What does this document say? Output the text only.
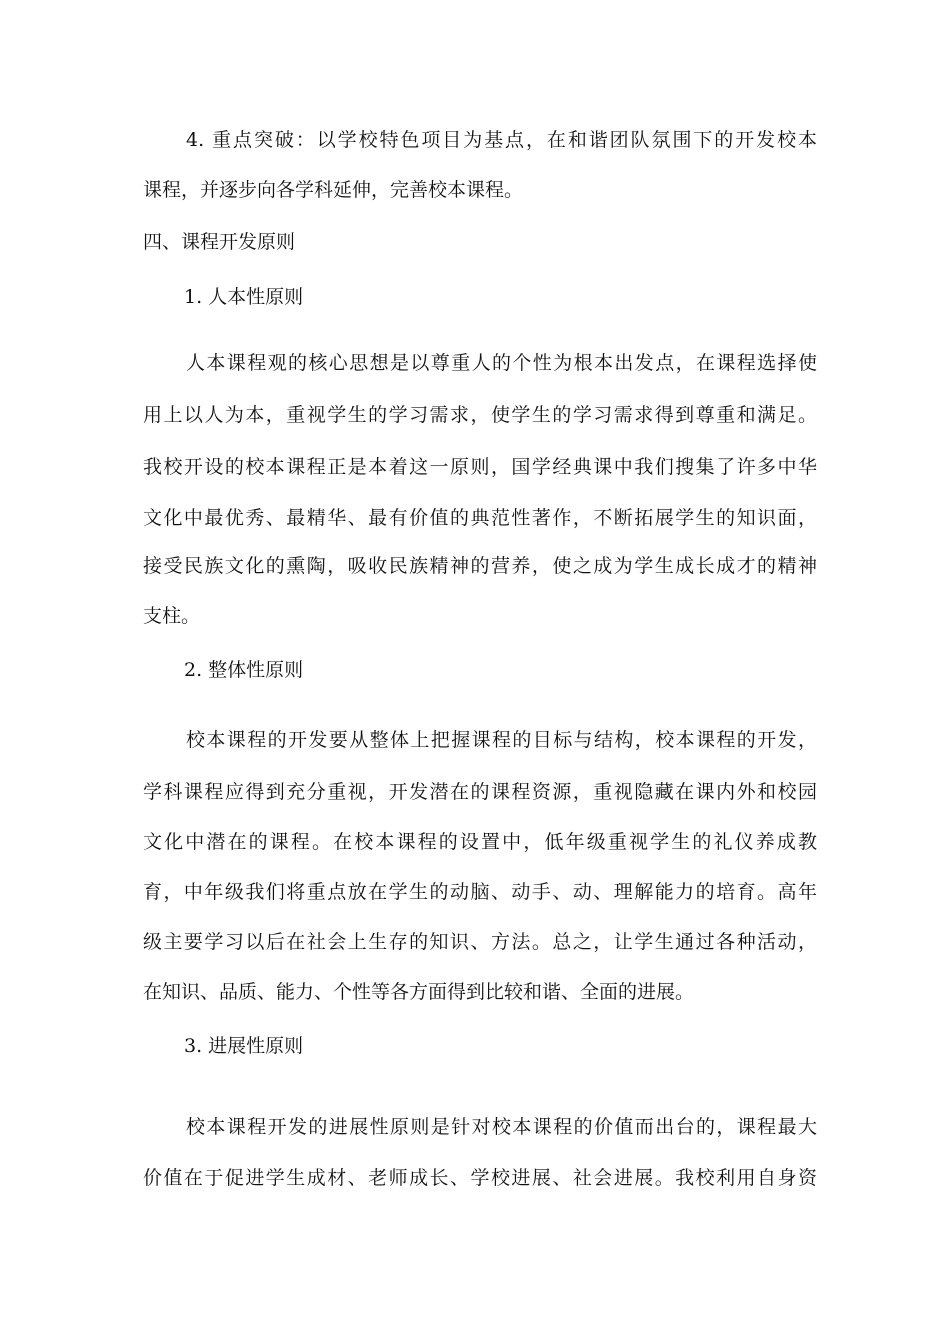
4. 重点突破：以学校特色项目为基点，在和谐团队氛围下的开发校本
课程，并逐步向各学科延伸，完善校本课程。
四、课程开发原则
1. 人本性原则
人本课程观的核心思想是以尊重人的个性为根本出发点，在课程选择使
用上以人为本，重视学生的学习需求，使学生的学习需求得到尊重和满足。
我校开设的校本课程正是本着这一原则，国学经典课中我们搜集了许多中华
文化中最优秀、最精华、最有价值的典范性著作，不断拓展学生的知识面，
接受民族文化的熏陶，吸收民族精神的营养，使之成为学生成长成才的精神
支柱。
2. 整体性原则
校本课程的开发要从整体上把握课程的目标与结构，校本课程的开发，
学科课程应得到充分重视，开发潜在的课程资源，重视隐藏在课内外和校园
文化中潜在的课程。在校本课程的设置中，低年级重视学生的礼仪养成教
育，中年级我们将重点放在学生的动脑、动手、动、理解能力的培育。高年
级主要学习以后在社会上生存的知识、方法。总之，让学生通过各种活动，
在知识、品质、能力、个性等各方面得到比较和谐、全面的进展。
3. 进展性原则
校本课程开发的进展性原则是针对校本课程的价值而出台的，课程最大
价值在于促进学生成材、老师成长、学校进展、社会进展。我校利用自身资
